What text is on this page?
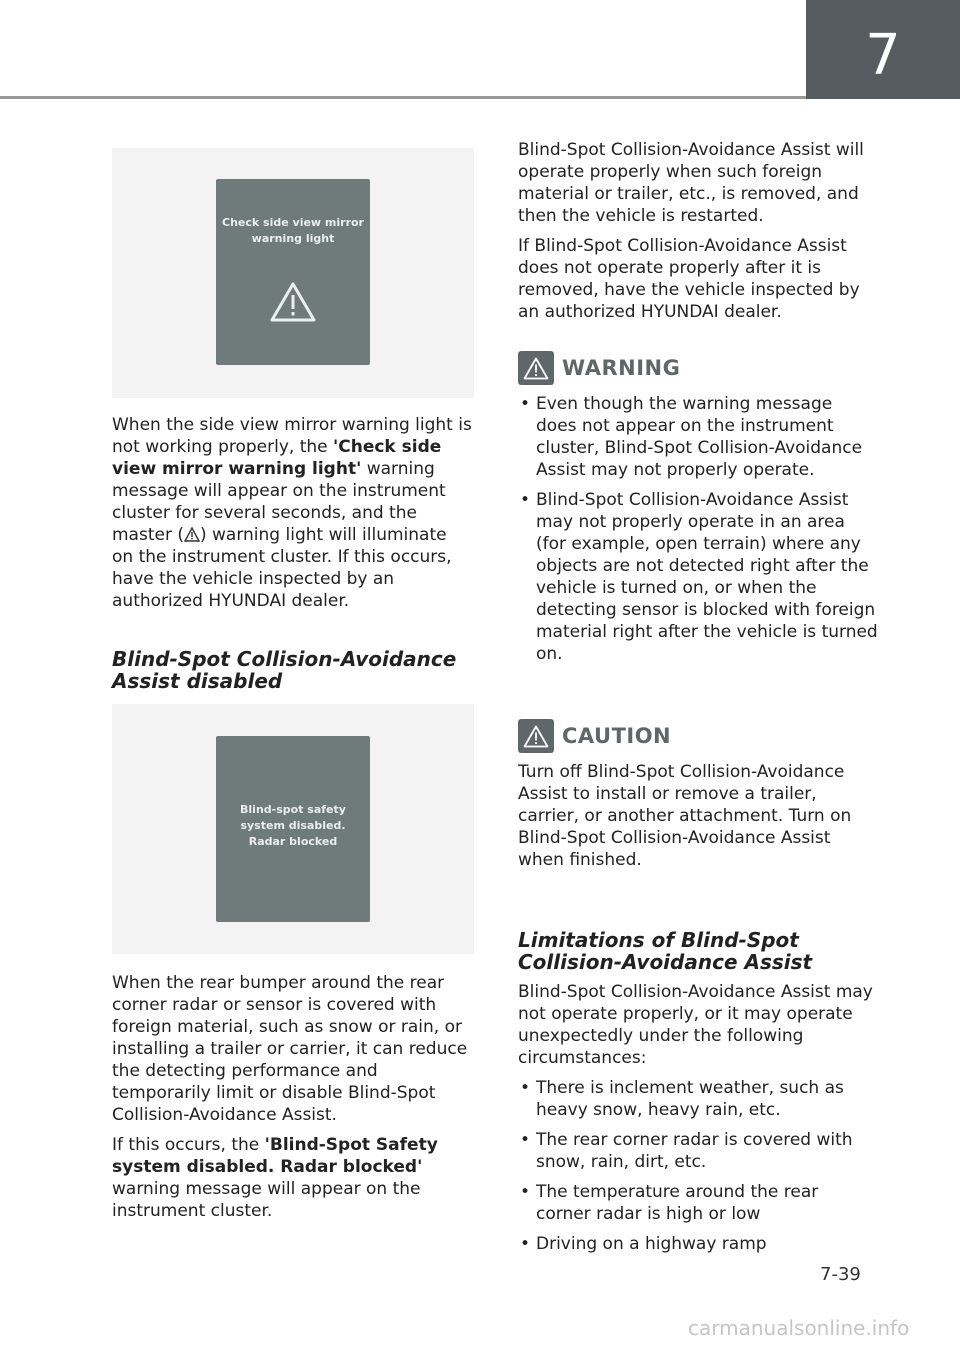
7
Check side view mirror
warning light

When the side view mirror warning light is not working properly, the 'Check side view mirror warning light' warning message will appear on the instrument cluster for several seconds, and the master ( ) warning light will illuminate on the instrument cluster. If this occurs, have the vehicle inspected by an authorized HYUNDAI dealer.

Blind-Spot Collision-Avoidance Assist disabled
Blind-spot safety
system disabled.
Radar blocked

When the rear bumper around the rear corner radar or sensor is covered with foreign material, such as snow or rain, or installing a trailer or carrier, it can reduce the detecting performance and temporarily limit or disable Blind-Spot Collision-Avoidance Assist.

If this occurs, the 'Blind-Spot Safety system disabled. Radar blocked' warning message will appear on the instrument cluster.

Blind-Spot Collision-Avoidance Assist will operate properly when such foreign material or trailer, etc., is removed, and then the vehicle is restarted.

If Blind-Spot Collision-Avoidance Assist does not operate properly after it is removed, have the vehicle inspected by an authorized HYUNDAI dealer.

WARNING
• Even though the warning message does not appear on the instrument cluster, Blind-Spot Collision-Avoidance Assist may not properly operate.
• Blind-Spot Collision-Avoidance Assist may not properly operate in an area (for example, open terrain) where any objects are not detected right after the vehicle is turned on, or when the detecting sensor is blocked with foreign material right after the vehicle is turned on.
CAUTION

Turn off Blind-Spot Collision-Avoidance Assist to install or remove a trailer, carrier, or another attachment. Turn on Blind-Spot Collision-Avoidance Assist when finished.

Limitations of Blind-Spot Collision-Avoidance Assist

Blind-Spot Collision-Avoidance Assist may not operate properly, or it may operate unexpectedly under the following circumstances:

• There is inclement weather, such as heavy snow, heavy rain, etc.
• The rear corner radar is covered with snow, rain, dirt, etc.
• The temperature around the rear corner radar is high or low
• Driving on a highway ramp
7-39
carmanualsonline.info
